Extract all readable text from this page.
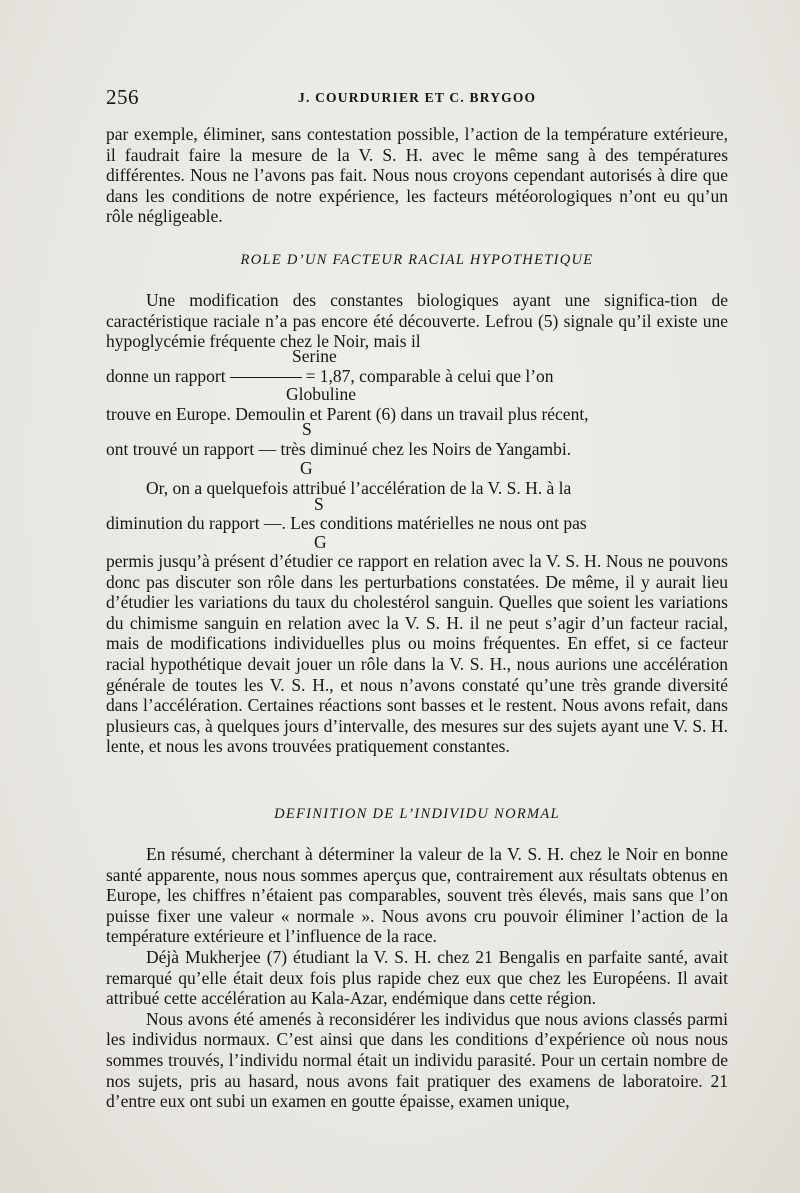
256	J. COURDURIER ET C. BRYGOO

par exemple, éliminer, sans contestation possible, l’action de la température extérieure, il faudrait faire la mesure de la V. S. H. avec le même sang à des températures différentes. Nous ne l’avons pas fait. Nous nous croyons cependant autorisés à dire que dans les conditions de notre expérience, les facteurs météorologiques n’ont eu qu’un rôle négligeable.

ROLE D’UN FACTEUR RACIAL HYPOTHETIQUE

Une modification des constantes biologiques ayant une significa-tion de caractéristique raciale n’a pas encore été découverte. Lefrou (5) signale qu’il existe une hypoglycémie fréquente chez le Noir, mais il

Serine
donne un rapport	= 1,87, comparable à celui que l’on
Globuline
trouve en Europe. Demoulin et Parent (6) dans un travail plus récent,
S
ont trouvé un rapport — très diminué chez les Noirs de Yangambi.
G
Or, on a quelquefois attribué l’accélération de la V. S. H. à la
S
diminution du rapport —. Les conditions matérielles ne nous ont pas
G

permis jusqu’à présent d’étudier ce rapport en relation avec la V. S. H. Nous ne pouvons donc pas discuter son rôle dans les perturbations constatées. De même, il y aurait lieu d’étudier les variations du taux du cholestérol sanguin. Quelles que soient les variations du chimisme sanguin en relation avec la V. S. H. il ne peut s’agir d’un facteur racial, mais de modifications individuelles plus ou moins fréquentes. En effet, si ce facteur racial hypothétique devait jouer un rôle dans la V. S. H., nous aurions une accélération générale de toutes les V. S. H., et nous n’avons constaté qu’une très grande diversité dans l’accélération. Certaines réactions sont basses et le restent. Nous avons refait, dans plusieurs cas, à quelques jours d’intervalle, des mesures sur des sujets ayant une V. S. H. lente, et nous les avons trouvées pratiquement constantes.

DEFINITION DE L’INDIVIDU NORMAL

En résumé, cherchant à déterminer la valeur de la V. S. H. chez le Noir en bonne santé apparente, nous nous sommes aperçus que, contrairement aux résultats obtenus en Europe, les chiffres n’étaient pas comparables, souvent très élevés, mais sans que l’on puisse fixer une valeur « normale ». Nous avons cru pouvoir éliminer l’action de la température extérieure et l’influence de la race.

Déjà Mukherjee (7) étudiant la V. S. H. chez 21 Bengalis en parfaite santé, avait remarqué qu’elle était deux fois plus rapide chez eux que chez les Européens. Il avait attribué cette accélération au Kala-Azar, endémique dans cette région.

Nous avons été amenés à reconsidérer les individus que nous avions classés parmi les individus normaux. C’est ainsi que dans les conditions d’expérience où nous nous sommes trouvés, l’individu normal était un individu parasité. Pour un certain nombre de nos sujets, pris au hasard, nous avons fait pratiquer des examens de laboratoire. 21 d’entre eux ont subi un examen en goutte épaisse, examen unique,
